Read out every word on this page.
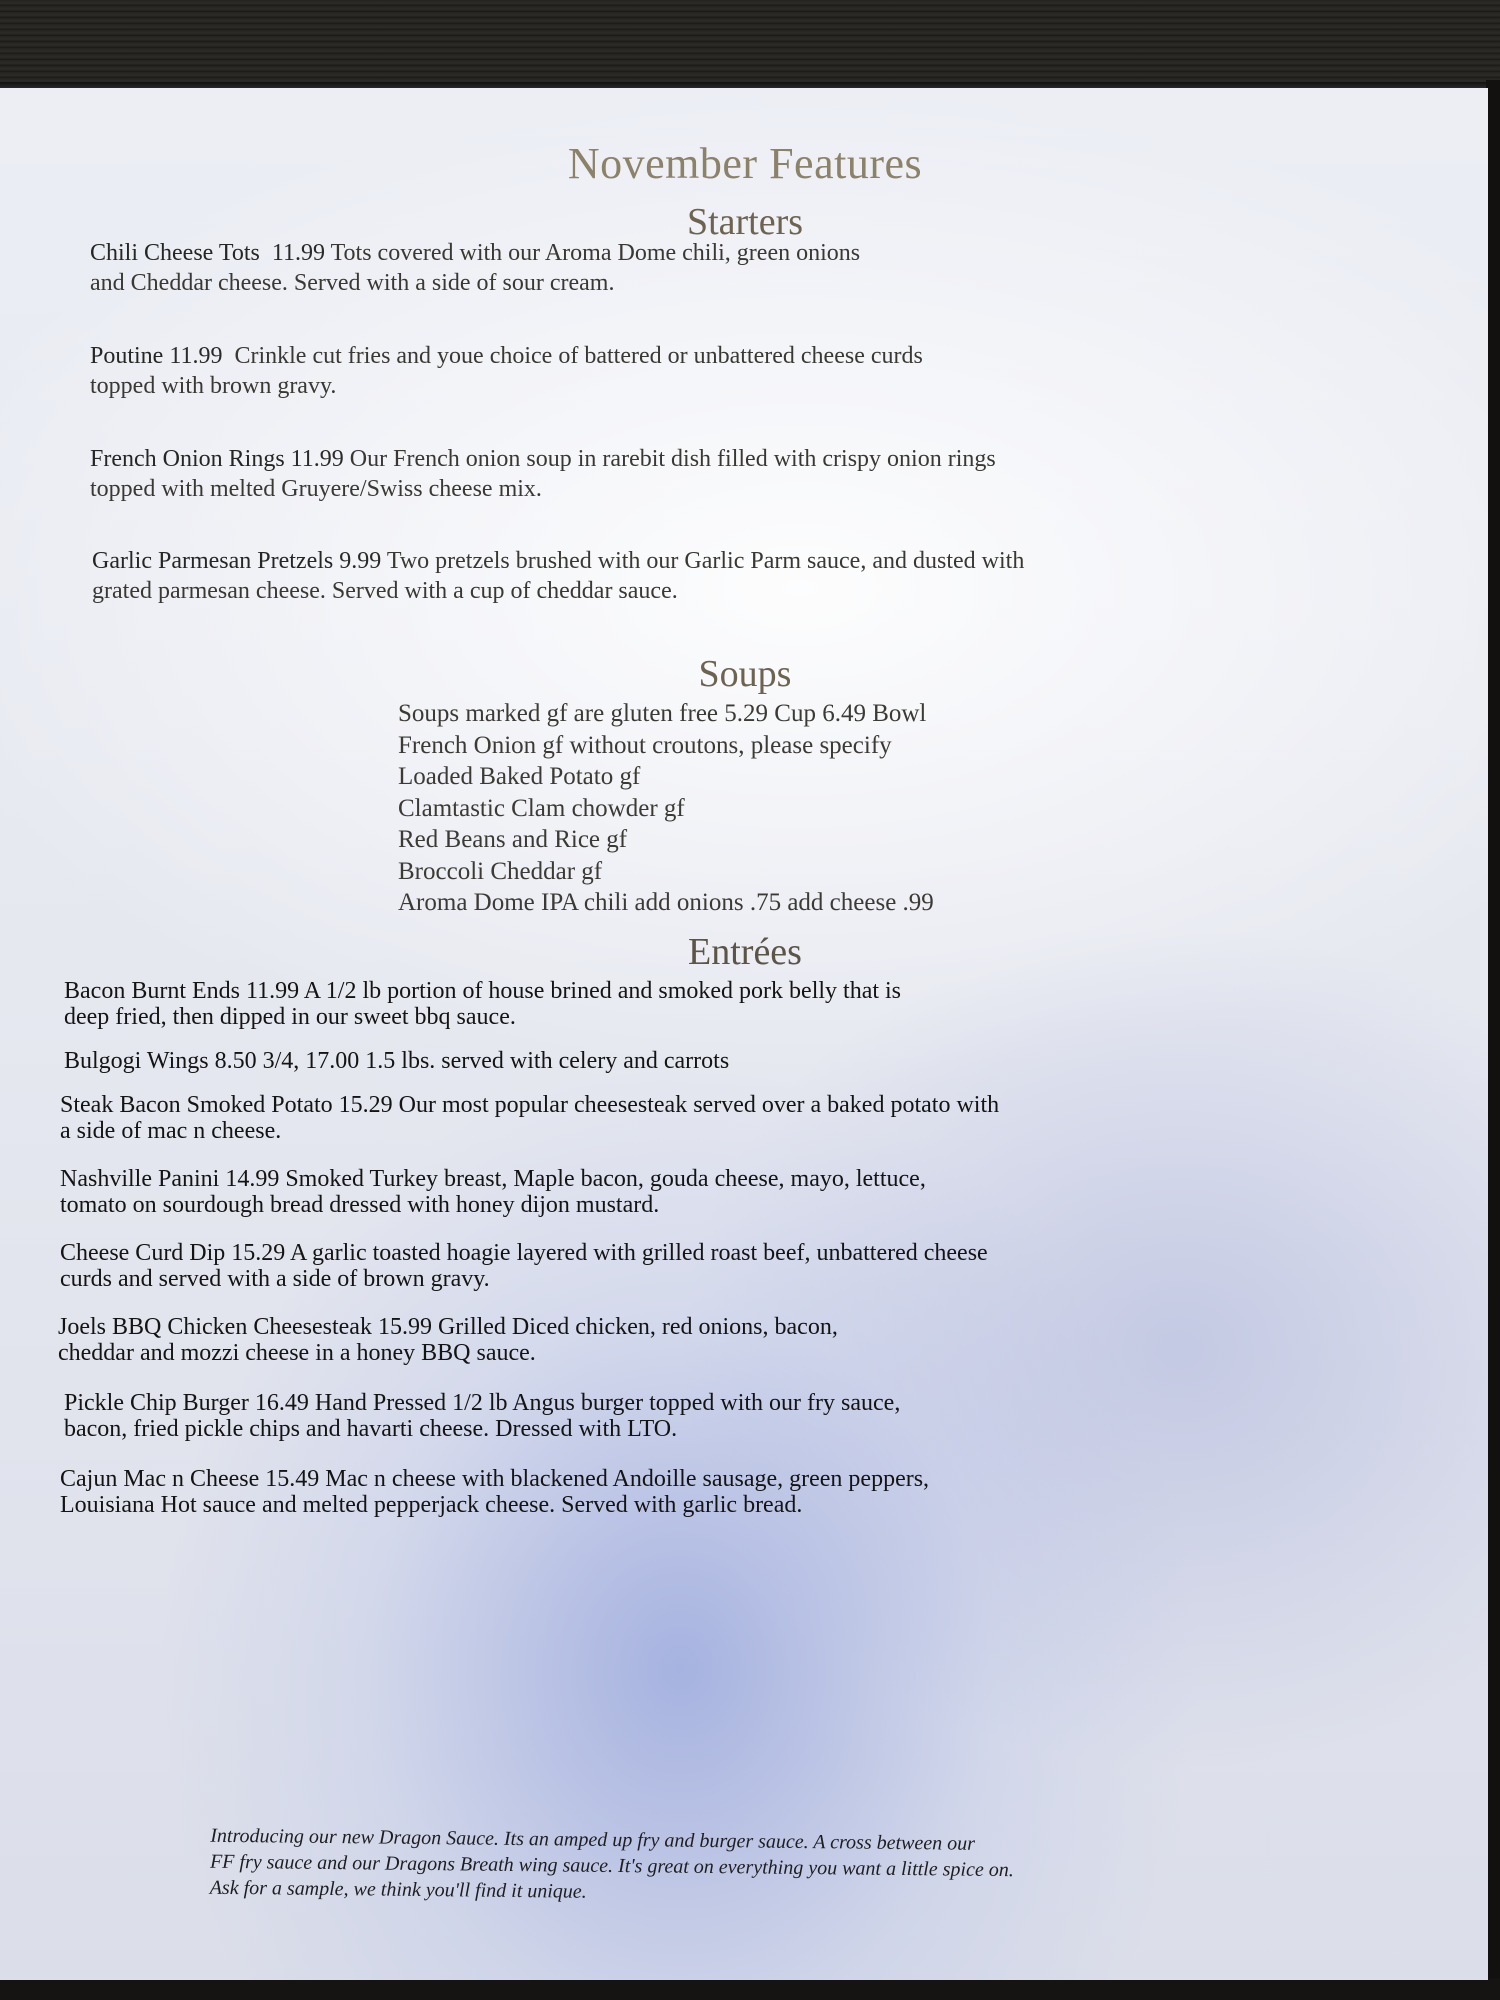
November Features
Starters
Chili Cheese Tots 11.99 Tots covered with our Aroma Dome chili, green onions
and Cheddar cheese. Served with a side of sour cream.
Poutine 11.99 Crinkle cut fries and youe choice of battered or unbattered cheese curds
topped with brown gravy.
French Onion Rings 11.99 Our French onion soup in rarebit dish filled with crispy onion rings
topped with melted Gruyere/Swiss cheese mix.
Garlic Parmesan Pretzels 9.99 Two pretzels brushed with our Garlic Parm sauce, and dusted with
grated parmesan cheese. Served with a cup of cheddar sauce.
Soups
Soups marked gf are gluten free 5.29 Cup 6.49 Bowl
French Onion gf without croutons, please specify
Loaded Baked Potato gf
Clamtastic Clam chowder gf
Red Beans and Rice gf
Broccoli Cheddar gf
Aroma Dome IPA chili add onions .75 add cheese .99
Entrées
Bacon Burnt Ends 11.99 A 1/2 lb portion of house brined and smoked pork belly that is
deep fried, then dipped in our sweet bbq sauce.
Bulgogi Wings 8.50 3/4, 17.00 1.5 lbs. served with celery and carrots
Steak Bacon Smoked Potato 15.29 Our most popular cheesesteak served over a baked potato with
a side of mac n cheese.
Nashville Panini 14.99 Smoked Turkey breast, Maple bacon, gouda cheese, mayo, lettuce,
tomato on sourdough bread dressed with honey dijon mustard.
Cheese Curd Dip 15.29 A garlic toasted hoagie layered with grilled roast beef, unbattered cheese
curds and served with a side of brown gravy.
Joels BBQ Chicken Cheesesteak 15.99 Grilled Diced chicken, red onions, bacon,
cheddar and mozzi cheese in a honey BBQ sauce.
Pickle Chip Burger 16.49 Hand Pressed 1/2 lb Angus burger topped with our fry sauce,
bacon, fried pickle chips and havarti cheese. Dressed with LTO.
Cajun Mac n Cheese 15.49 Mac n cheese with blackened Andoille sausage, green peppers,
Louisiana Hot sauce and melted pepperjack cheese. Served with garlic bread.
Introducing our new Dragon Sauce. Its an amped up fry and burger sauce. A cross between our
FF fry sauce and our Dragons Breath wing sauce. It's great on everything you want a little spice on.
Ask for a sample, we think you'll find it unique.
